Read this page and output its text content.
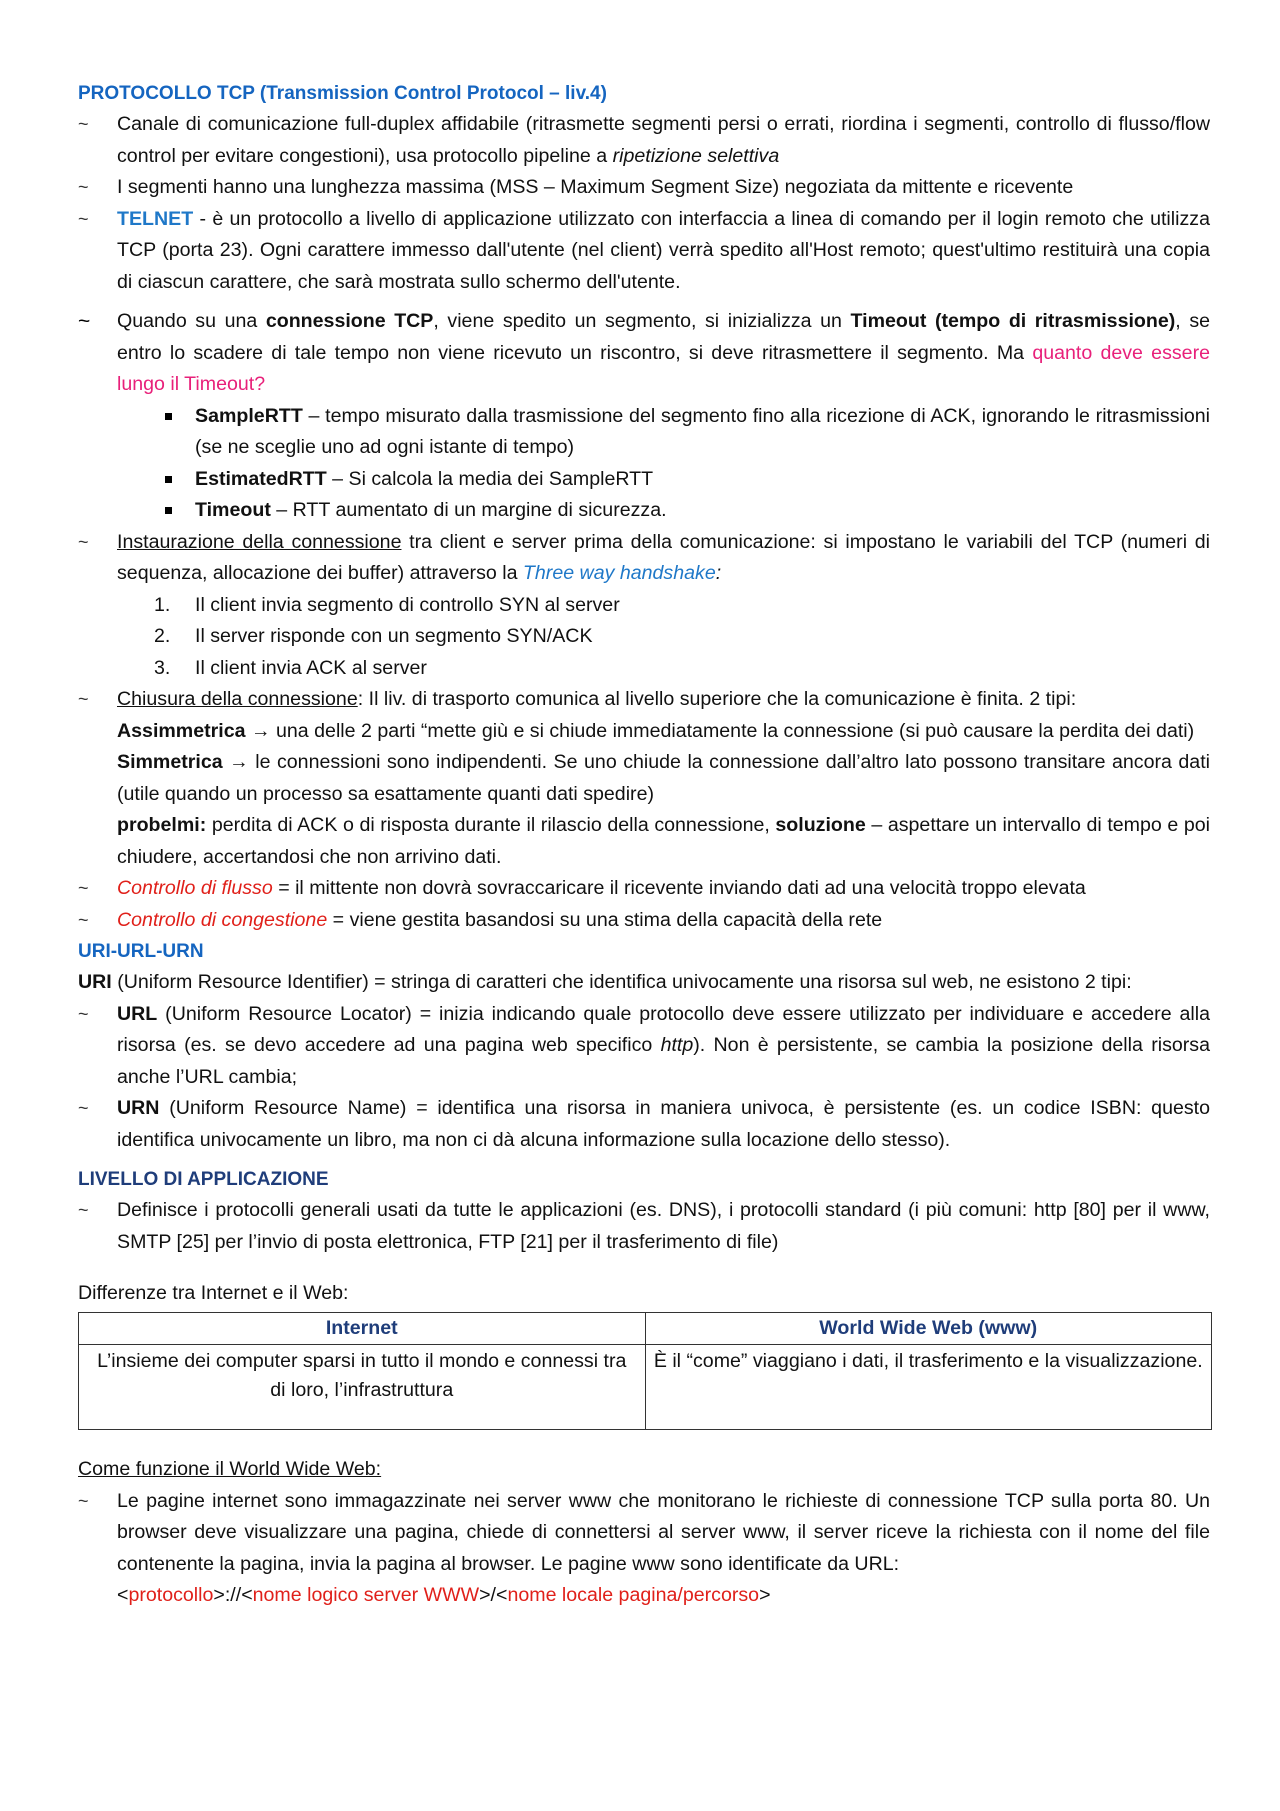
PROTOCOLLO TCP (Transmission Control Protocol – liv.4)
~	Canale di comunicazione full-duplex affidabile (ritrasmette segmenti persi o errati, riordina i segmenti, controllo di flusso/flow control per evitare congestioni), usa protocollo pipeline a ripetizione selettiva
~	I segmenti hanno una lunghezza massima (MSS – Maximum Segment Size) negoziata da mittente e ricevente
~	TELNET - è un protocollo a livello di applicazione utilizzato con interfaccia a linea di comando per il login remoto che utilizza TCP (porta 23). Ogni carattere immesso dall'utente (nel client) verrà spedito all'Host remoto; quest'ultimo restituirà una copia di ciascun carattere, che sarà mostrata sullo schermo dell'utente.
~	Quando su una connessione TCP, viene spedito un segmento, si inizializza un Timeout (tempo di ritrasmissione), se entro lo scadere di tale tempo non viene ricevuto un riscontro, si deve ritrasmettere il segmento. Ma quanto deve essere lungo il Timeout?
SampleRTT – tempo misurato dalla trasmissione del segmento fino alla ricezione di ACK, ignorando le ritrasmissioni (se ne sceglie uno ad ogni istante di tempo)
EstimatedRTT – Si calcola la media dei SampleRTT
Timeout – RTT aumentato di un margine di sicurezza.
~	Instaurazione della connessione tra client e server prima della comunicazione: si impostano le variabili del TCP (numeri di sequenza, allocazione dei buffer) attraverso la Three way handshake:
1. Il client invia segmento di controllo SYN al server
2. Il server risponde con un segmento SYN/ACK
3. Il client invia ACK al server
~	Chiusura della connessione: Il liv. di trasporto comunica al livello superiore che la comunicazione è finita. 2 tipi:
Assimmetrica → una delle 2 parti “mette giù e si chiude immediatamente la connessione (si può causare la perdita dei dati)
Simmetrica → le connessioni sono indipendenti. Se uno chiude la connessione dall’altro lato possono transitare ancora dati (utile quando un processo sa esattamente quanti dati spedire)
probelmi: perdita di ACK o di risposta durante il rilascio della connessione, soluzione – aspettare un intervallo di tempo e poi chiudere, accertandosi che non arrivino dati.
~	Controllo di flusso = il mittente non dovrà sovraccaricare il ricevente inviando dati ad una velocità troppo elevata
~	Controllo di congestione = viene gestita basandosi su una stima della capacità della rete
URI-URL-URN
URI (Uniform Resource Identifier) = stringa di caratteri che identifica univocamente una risorsa sul web, ne esistono 2 tipi:
~	URL (Uniform Resource Locator) = inizia indicando quale protocollo deve essere utilizzato per individuare e accedere alla risorsa (es. se devo accedere ad una pagina web specifico http). Non è persistente, se cambia la posizione della risorsa anche l’URL cambia;
~	URN (Uniform Resource Name) = identifica una risorsa in maniera univoca, è persistente (es. un codice ISBN: questo identifica univocamente un libro, ma non ci dà alcuna informazione sulla locazione dello stesso).
LIVELLO DI APPLICAZIONE
~	Definisce i protocolli generali usati da tutte le applicazioni (es. DNS), i protocolli standard (i più comuni: http [80] per il www, SMTP [25] per l’invio di posta elettronica, FTP [21] per il trasferimento di file)
Differenze tra Internet e il Web:
Internet	World Wide Web (www)
L’insieme dei computer sparsi in tutto il mondo e connessi tra di loro, l’infrastruttura	È il “come” viaggiano i dati, il trasferimento e la visualizzazione.
Come funzione il World Wide Web:
~	Le pagine internet sono immagazzinate nei server www che monitorano le richieste di connessione TCP sulla porta 80. Un browser deve visualizzare una pagina, chiede di connettersi al server www, il server riceve la richiesta con il nome del file contenente la pagina, invia la pagina al browser. Le pagine www sono identificate da URL:
<protocollo>://<nome logico server WWW>/<nome locale pagina/percorso>
